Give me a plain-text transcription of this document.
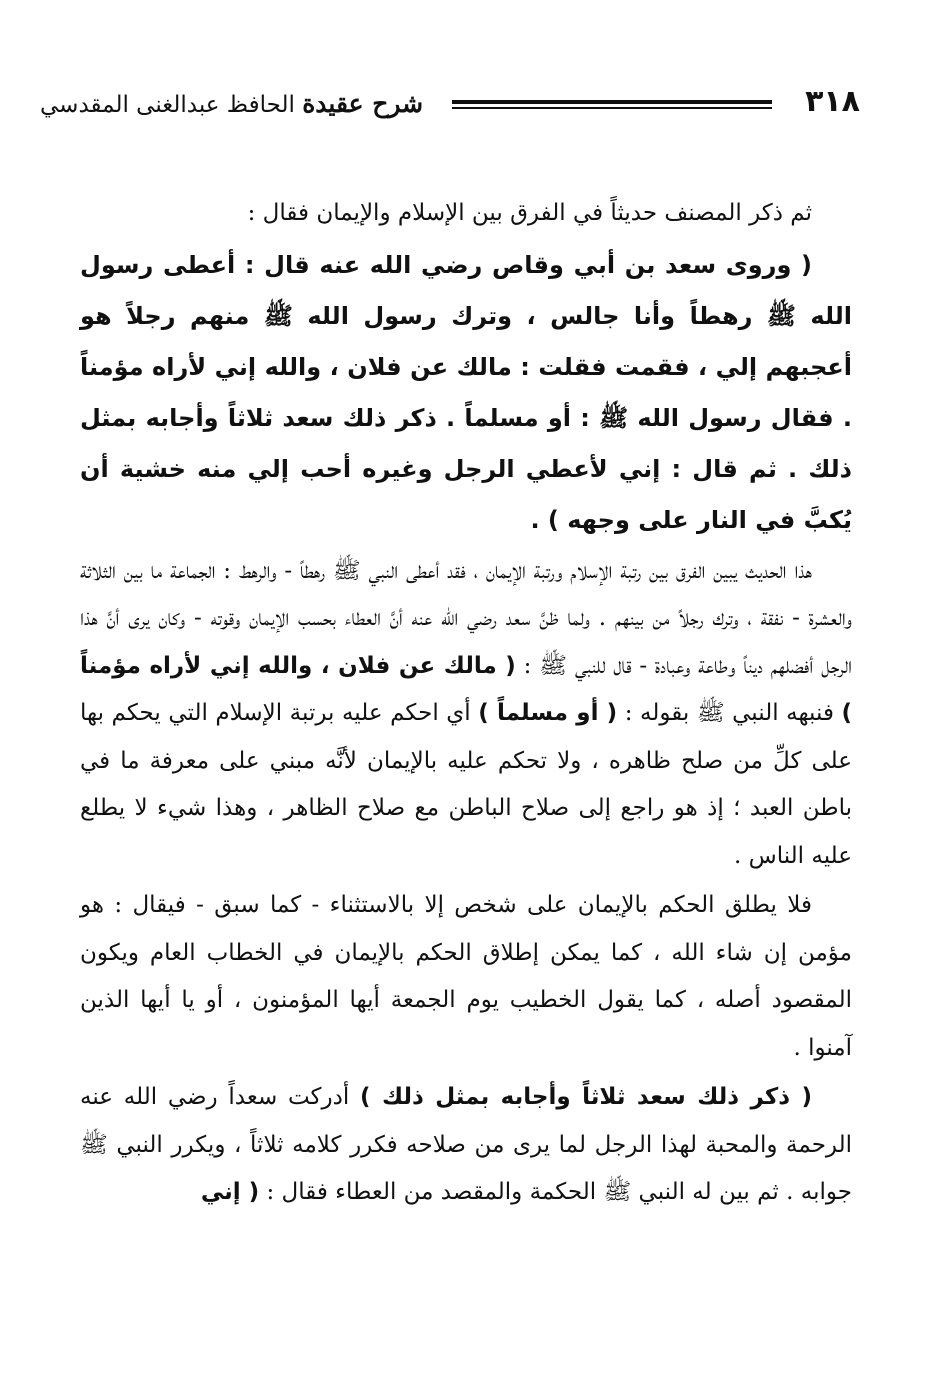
٣١٨
شرح عقيدة الحافظ عبدالغنى المقدسي

ثم ذكر المصنف حديثاً في الفرق بين الإسلام والإيمان فقال :

( وروى سعد بن أبي وقاص رضي الله عنه قال : أعطى رسول الله ﷺ رهطاً وأنا جالس ، وترك رسول الله ﷺ منهم رجلاً هو أعجبهم إلي ، فقمت فقلت : مالك عن فلان ، والله إني لأراه مؤمناً . فقال رسول الله ﷺ : أو مسلماً . ذكر ذلك سعد ثلاثاً وأجابه بمثل ذلك . ثم قال : إني لأعطي الرجل وغيره أحب إلي منه خشية أن يُكبَّ في النار على وجهه ) .

هذا الحديث يبين الفرق بين رتبة الإسلام ورتبة الإيمان ، فقد أعطى النبي ﷺ رهطاً - والرهط : الجماعة ما بين الثلاثة والعشرة - نفقة ، وترك رجلاً من بينهم . ولما ظنَّ سعد رضي الله عنه أنَّ العطاء بحسب الإيمان وقوته - وكان يرى أنَّ هذا الرجل أفضلهم ديناً وطاعة وعبادة - قال للنبي ﷺ : ( مالك عن فلان ، والله إني لأراه مؤمناً ) فنبهه النبي ﷺ بقوله : ( أو مسلماً ) أي احكم عليه برتبة الإسلام التي يحكم بها على كلِّ من صلح ظاهره ، ولا تحكم عليه بالإيمان لأنَّه مبني على معرفة ما في باطن العبد ؛ إذ هو راجع إلى صلاح الباطن مع صلاح الظاهر ، وهذا شيء لا يطلع عليه الناس .

فلا يطلق الحكم بالإيمان على شخص إلا بالاستثناء - كما سبق - فيقال : هو مؤمن إن شاء الله ، كما يمكن إطلاق الحكم بالإيمان في الخطاب العام ويكون المقصود أصله ، كما يقول الخطيب يوم الجمعة أيها المؤمنون ، أو يا أيها الذين آمنوا .

( ذكر ذلك سعد ثلاثاً وأجابه بمثل ذلك ) أدركت سعداً رضي الله عنه الرحمة والمحبة لهذا الرجل لما يرى من صلاحه فكرر كلامه ثلاثاً ، ويكرر النبي ﷺ جوابه . ثم بين له النبي ﷺ الحكمة والمقصد من العطاء فقال : ( إني
